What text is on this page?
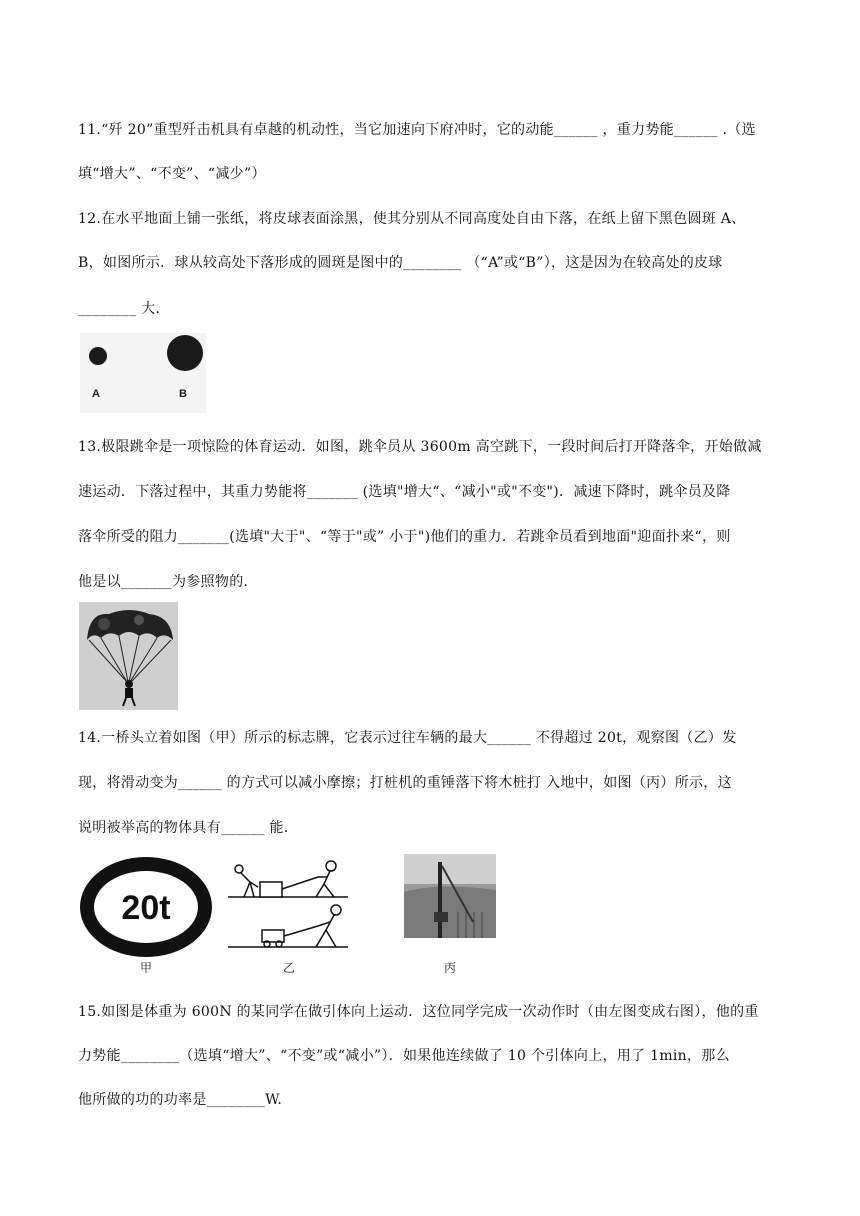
11.“歼 20”重型歼击机具有卓越的机动性，当它加速向下府冲时，它的动能______ ，重力势能______ .（选
填“增大”、“不变”、“减少”）
12.在水平地面上铺一张纸，将皮球表面涂黑，使其分别从不同高度处自由下落，在纸上留下黑色圆斑 A、
B，如图所示．球从较高处下落形成的圆斑是图中的________ （“A”或“B”），这是因为在较高处的皮球
________ 大．
A	B
13.极限跳伞是一项惊险的体育运动．如图，跳伞员从 3600m 高空跳下，一段时间后打开降落伞，开始做减
速运动．下落过程中，其重力势能将_______ (选填"增大“、“减小"或"不变")．减速下降时，跳伞员及降
落伞所受的阻力_______(选填"大于"、“等于"或” 小于")他们的重力．若跳伞员看到地面"迎面扑来“，则
他是以_______为参照物的．
14.一桥头立着如图（甲）所示的标志牌，它表示过往车辆的最大______ 不得超过 20t，观察图（乙）发
现，将滑动变为______ 的方式可以减小摩擦；打桩机的重锤落下将木桩打 入地中，如图（丙）所示，这
说明被举高的物体具有______ 能．
20t
甲	乙	丙
15.如图是体重为 600N 的某同学在做引体向上运动．这位同学完成一次动作时（由左图变成右图），他的重
力势能________（选填“增大”、“不变”或“减小”）．如果他连续做了 10 个引体向上，用了 1min，那么
他所做的功的功率是________W.
